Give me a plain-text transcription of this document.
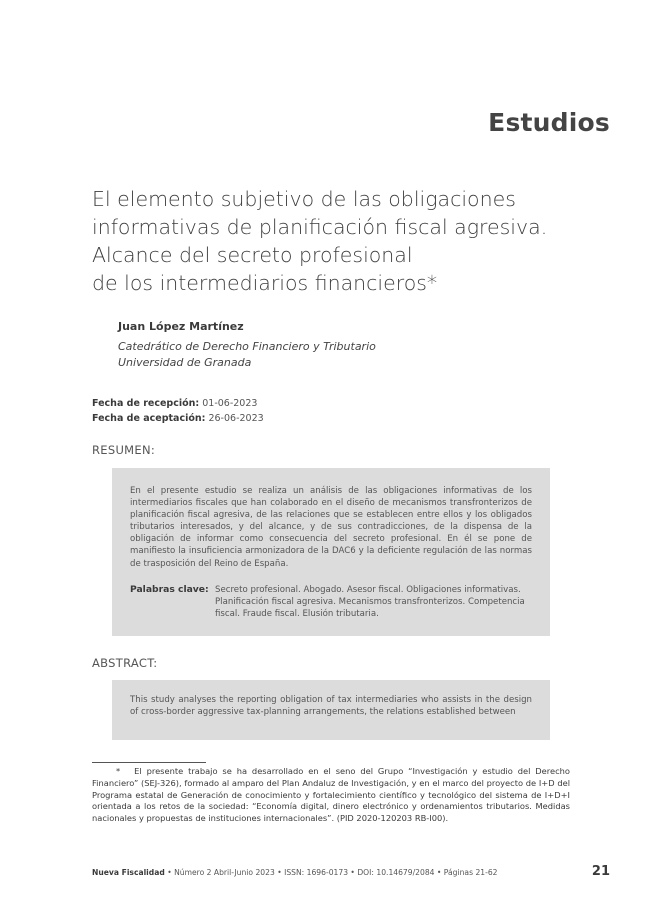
Estudios
El elemento subjetivo de las obligaciones
informativas de planificación fiscal agresiva.
Alcance del secreto profesional
de los intermediarios financieros*
Juan López Martínez
Catedrático de Derecho Financiero y Tributario
Universidad de Granada
Fecha de recepción: 01-06-2023
Fecha de aceptación: 26-06-2023
RESUMEN:
En el presente estudio se realiza un análisis de las obligaciones informativas de los intermediarios fiscales que han colaborado en el diseño de mecanismos transfronterizos de planificación fiscal agresiva, de las relaciones que se establecen entre ellos y los obligados tributarios interesados, y del alcance, y de sus contradicciones, de la dispensa de la obligación de informar como consecuencia del secreto profesional. En él se pone de manifiesto la insuficiencia armonizadora de la DAC6 y la deficiente regulación de las normas de trasposición del Reino de España.
Palabras clave: Secreto profesional. Abogado. Asesor fiscal. Obligaciones informativas. Planificación fiscal agresiva. Mecanismos transfronterizos. Competencia fiscal. Fraude fiscal. Elusión tributaria.
ABSTRACT:
This study analyses the reporting obligation of tax intermediaries who assists in the design of cross-border aggressive tax-planning arrangements, the relations established between
* El presente trabajo se ha desarrollado en el seno del Grupo “Investigación y estudio del Derecho Financiero” (SEJ-326), formado al amparo del Plan Andaluz de Investigación, y en el marco del proyecto de I+D del Programa estatal de Generación de conocimiento y fortalecimiento científico y tecnológico del sistema de I+D+I orientada a los retos de la sociedad: “Economía digital, dinero electrónico y ordenamientos tributarios. Medidas nacionales y propuestas de instituciones internacionales”. (PID 2020-120203 RB-I00).
Nueva Fiscalidad • Número 2 Abril-Junio 2023 • ISSN: 1696-0173 • DOI: 10.14679/2084 • Páginas 21-62	21
